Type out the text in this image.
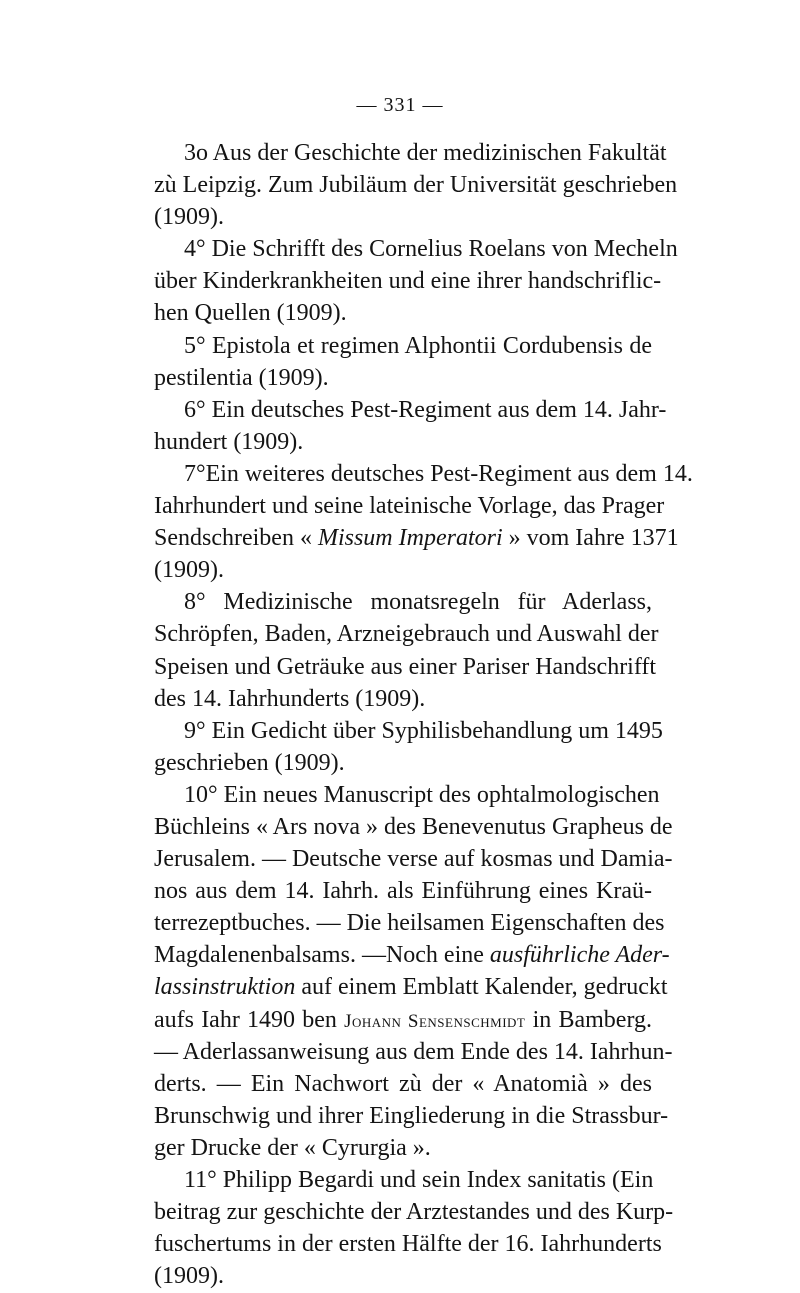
— 331 —
3o Aus der Geschichte der medizinischen Fakultät
zù Leipzig. Zum Jubiläum der Universität geschrieben
(1909).
4° Die Schrifft des Cornelius Roelans von Mecheln
über Kinderkrankheiten und eine ihrer handschriflic-
hen Quellen (1909).
5° Epistola et regimen Alphontii Cordubensis de
pestilentia (1909).
6° Ein deutsches Pest-Regiment aus dem 14. Jahr-
hundert (1909).
7°Ein weiteres deutsches Pest-Regiment aus dem 14.
Iahrhundert und seine lateinische Vorlage, das Prager
Sendschreiben « Missum Imperatori » vom Iahre 1371
(1909).
8° Medizinische monatsregeln für Aderlass,
Schröpfen, Baden, Arzneigebrauch und Auswahl der
Speisen und Geträuke aus einer Pariser Handschrifft
des 14. Iahrhunderts (1909).
9° Ein Gedicht über Syphilisbehandlung um 1495
geschrieben (1909).
10° Ein neues Manuscript des ophtalmologischen
Büchleins « Ars nova » des Benevenutus Grapheus de
Jerusalem. — Deutsche verse auf kosmas und Damia-
nos aus dem 14. Iahrh. als Einführung eines Kraü-
terrezeptbuches. — Die heilsamen Eigenschaften des
Magdalenenbalsams. —Noch eine ausführliche Ader-
lassinstruktion auf einem Emblatt Kalender, gedruckt
aufs Iahr 1490 ben Johann Sensenschmidt in Bamberg.
— Aderlassanweisung aus dem Ende des 14. Iahrhun-
derts. — Ein Nachwort zù der « Anatomià » des
Brunschwig und ihrer Eingliederung in die Strassbur-
ger Drucke der « Cyrurgia ».
11° Philipp Begardi und sein Index sanitatis (Ein
beitrag zur geschichte der Arztestandes und des Kurp-
fuschertums in der ersten Hälfte der 16. Iahrhunderts
(1909).
